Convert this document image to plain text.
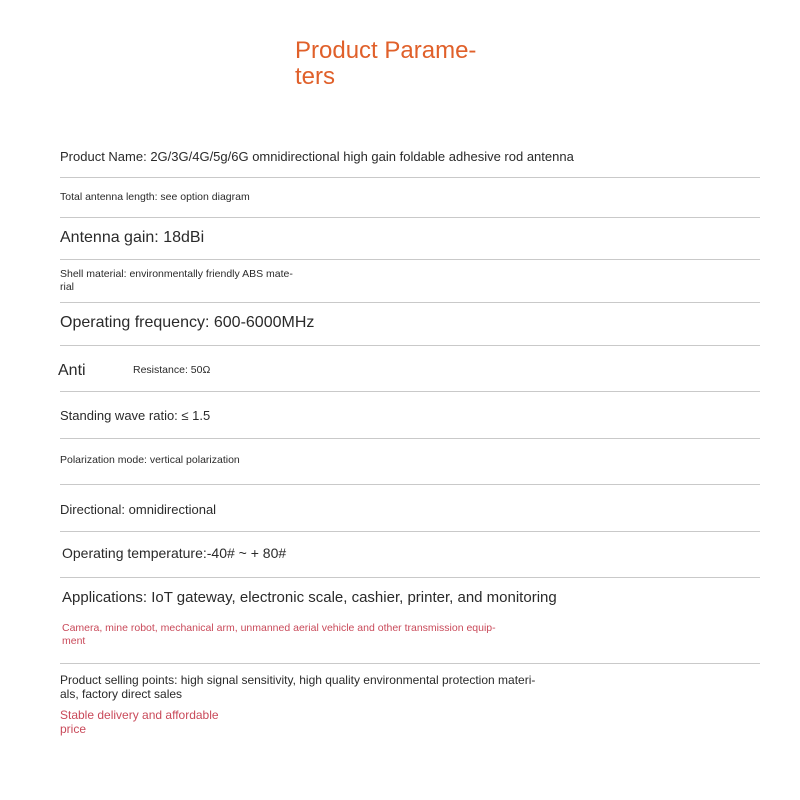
Product Parame-
ters
Product Name: 2G/3G/4G/5g/6G omnidirectional high gain foldable adhesive rod antenna
Total antenna length: see option diagram
Antenna gain: 18dBi
Shell material: environmentally friendly ABS mate-
rial
Operating frequency: 600-6000MHz
Anti	Resistance: 50Ω
Standing wave ratio: ≤ 1.5
Polarization mode: vertical polarization
Directional: omnidirectional
Operating temperature:-40# ~ + 80#
Applications: IoT gateway, electronic scale, cashier, printer, and monitoring
Camera, mine robot, mechanical arm, unmanned aerial vehicle and other transmission equip-
ment
Product selling points: high signal sensitivity, high quality environmental protection materi-
als, factory direct sales
Stable delivery and affordable
price
